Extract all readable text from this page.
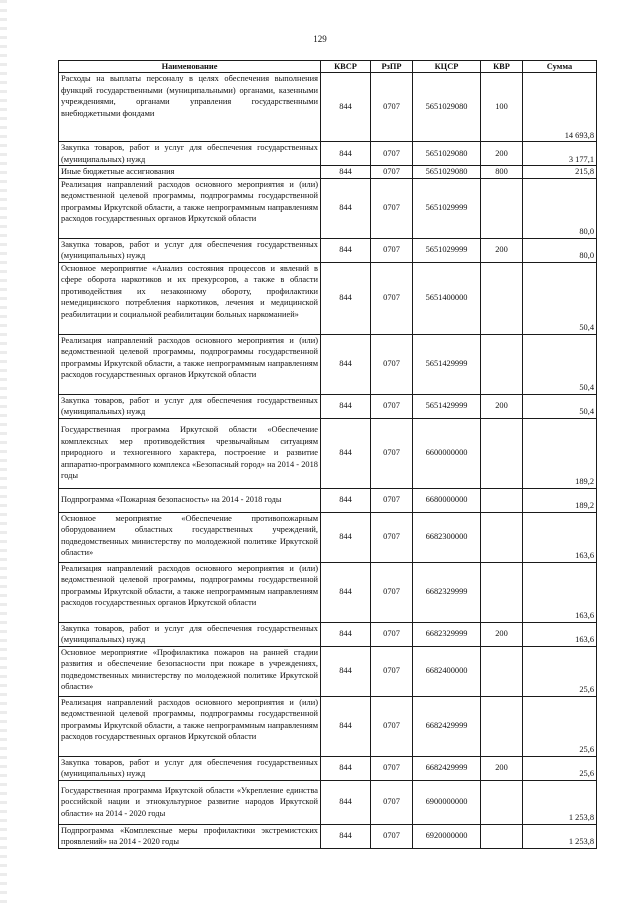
129
Наименование	КВСР	РзПР	КЦСР	КВР	Сумма
Расходы на выплаты персоналу в целях обеспечения выполнения функций государственными (муниципальными) органами, казенными учреждениями, органами управления государственными внебюджетными фондами	844	0707	5651029080	100	14 693,8
Закупка товаров, работ и услуг для обеспечения государственных (муниципальных) нужд	844	0707	5651029080	200	3 177,1
Иные бюджетные ассигнования	844	0707	5651029080	800	215,8
Реализация направлений расходов основного мероприятия и (или) ведомственной целевой программы, подпрограммы государственной программы Иркутской области, а также непрограммным направлениям расходов государственных органов Иркутской области	844	0707	5651029999		80,0
Закупка товаров, работ и услуг для обеспечения государственных (муниципальных) нужд	844	0707	5651029999	200	80,0
Основное мероприятие «Анализ состояния процессов и явлений в сфере оборота наркотиков и их прекурсоров, а также в области противодействия их незаконному обороту, профилактики немедицинского потребления наркотиков, лечения и медицинской реабилитации и социальной реабилитации больных наркоманией»	844	0707	5651400000		50,4
Реализация направлений расходов основного мероприятия и (или) ведомственной целевой программы, подпрограммы государственной программы Иркутской области, а также непрограммным направлениям расходов государственных органов Иркутской области	844	0707	5651429999		50,4
Закупка товаров, работ и услуг для обеспечения государственных (муниципальных) нужд	844	0707	5651429999	200	50,4
Государственная программа Иркутской области «Обеспечение комплексных мер противодействия чрезвычайным ситуациям природного и техногенного характера, построение и развитие аппаратно-программного комплекса «Безопасный город» на 2014 - 2018 годы	844	0707	6600000000		189,2
Подпрограмма «Пожарная безопасность» на 2014 - 2018 годы	844	0707	6680000000		189,2
Основное мероприятие «Обеспечение противопожарным оборудованием областных государственных учреждений, подведомственных министерству по молодежной политике Иркутской области»	844	0707	6682300000		163,6
Реализация направлений расходов основного мероприятия и (или) ведомственной целевой программы, подпрограммы государственной программы Иркутской области, а также непрограммным направлениям расходов государственных органов Иркутской области	844	0707	6682329999		163,6
Закупка товаров, работ и услуг для обеспечения государственных (муниципальных) нужд	844	0707	6682329999	200	163,6
Основное мероприятие «Профилактика пожаров на ранней стадии развития и обеспечение безопасности при пожаре в учреждениях, подведомственных министерству по молодежной политике Иркутской области»	844	0707	6682400000		25,6
Реализация направлений расходов основного мероприятия и (или) ведомственной целевой программы, подпрограммы государственной программы Иркутской области, а также непрограммным направлениям расходов государственных органов Иркутской области	844	0707	6682429999		25,6
Закупка товаров, работ и услуг для обеспечения государственных (муниципальных) нужд	844	0707	6682429999	200	25,6
Государственная программа Иркутской области «Укрепление единства российской нации и этнокультурное развитие народов Иркутской области» на 2014 - 2020 годы	844	0707	6900000000		1 253,8
Подпрограмма «Комплексные меры профилактики экстремистских проявлений» на 2014 - 2020 годы	844	0707	6920000000		1 253,8
